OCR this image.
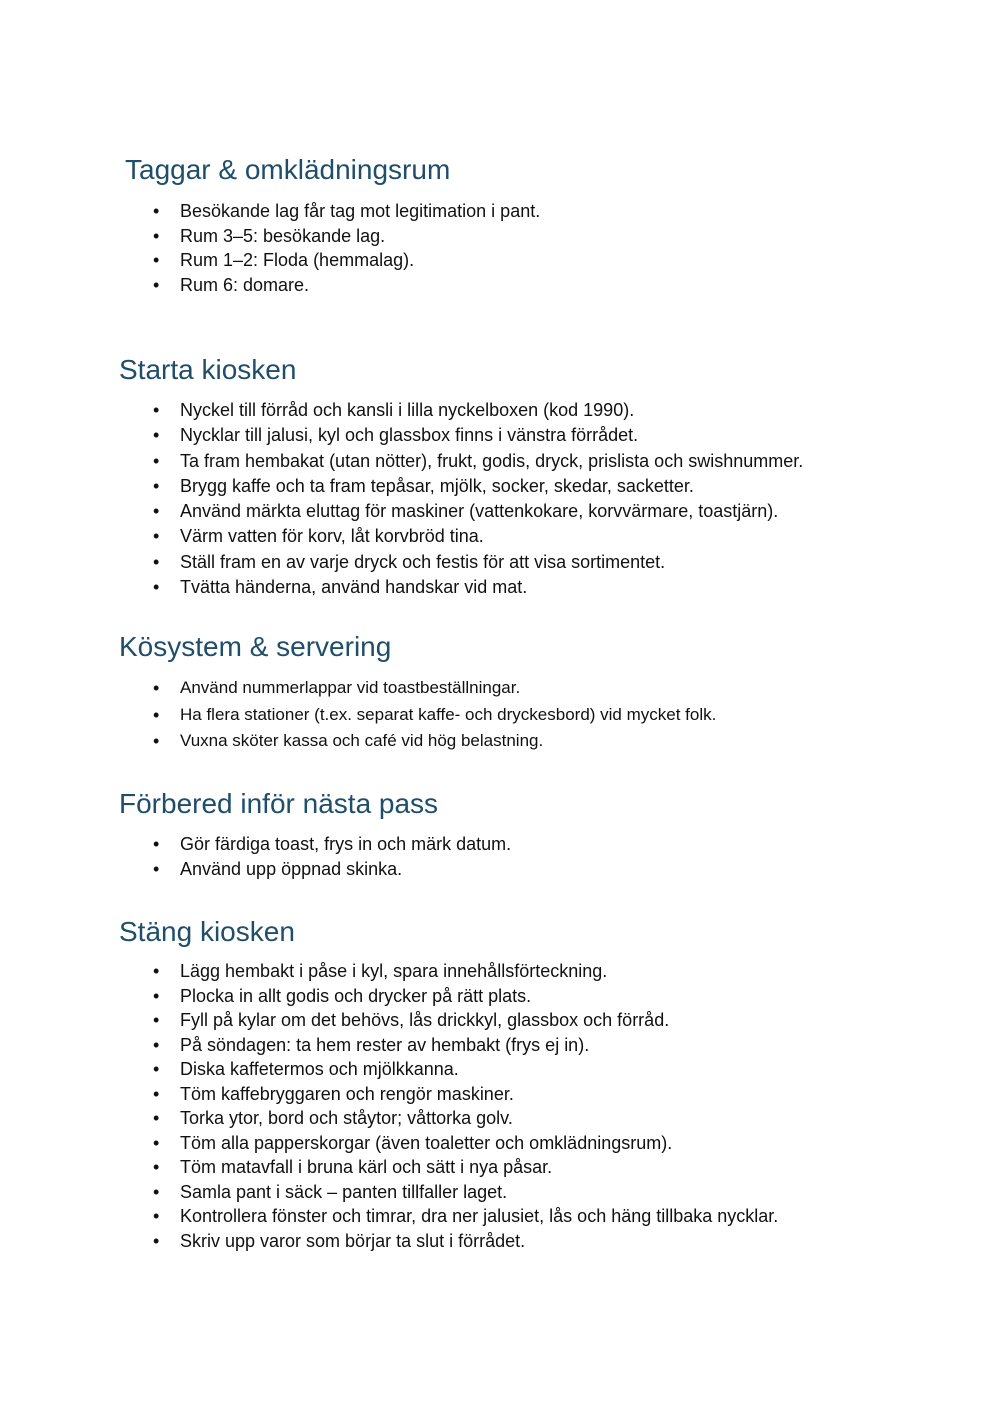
Taggar & omklädningsrum
• Besökande lag får tag mot legitimation i pant.
• Rum 3–5: besökande lag.
• Rum 1–2: Floda (hemmalag).
• Rum 6: domare.
Starta kiosken
• Nyckel till förråd och kansli i lilla nyckelboxen (kod 1990).
• Nycklar till jalusi, kyl och glassbox finns i vänstra förrådet.
• Ta fram hembakat (utan nötter), frukt, godis, dryck, prislista och swishnummer.
• Brygg kaffe och ta fram tepåsar, mjölk, socker, skedar, sacketter.
• Använd märkta eluttag för maskiner (vattenkokare, korvvärmare, toastjärn).
• Värm vatten för korv, låt korvbröd tina.
• Ställ fram en av varje dryck och festis för att visa sortimentet.
• Tvätta händerna, använd handskar vid mat.
Kösystem & servering
• Använd nummerlappar vid toastbeställningar.
• Ha flera stationer (t.ex. separat kaffe- och dryckesbord) vid mycket folk.
• Vuxna sköter kassa och café vid hög belastning.
Förbered inför nästa pass
• Gör färdiga toast, frys in och märk datum.
• Använd upp öppnad skinka.
Stäng kiosken
• Lägg hembakt i påse i kyl, spara innehållsförteckning.
• Plocka in allt godis och drycker på rätt plats.
• Fyll på kylar om det behövs, lås drickkyl, glassbox och förråd.
• På söndagen: ta hem rester av hembakt (frys ej in).
• Diska kaffetermos och mjölkkanna.
• Töm kaffebryggaren och rengör maskiner.
• Torka ytor, bord och ståytor; våttorka golv.
• Töm alla papperskorgar (även toaletter och omklädningsrum).
• Töm matavfall i bruna kärl och sätt i nya påsar.
• Samla pant i säck – panten tillfaller laget.
• Kontrollera fönster och timrar, dra ner jalusiet, lås och häng tillbaka nycklar.
• Skriv upp varor som börjar ta slut i förrådet.
